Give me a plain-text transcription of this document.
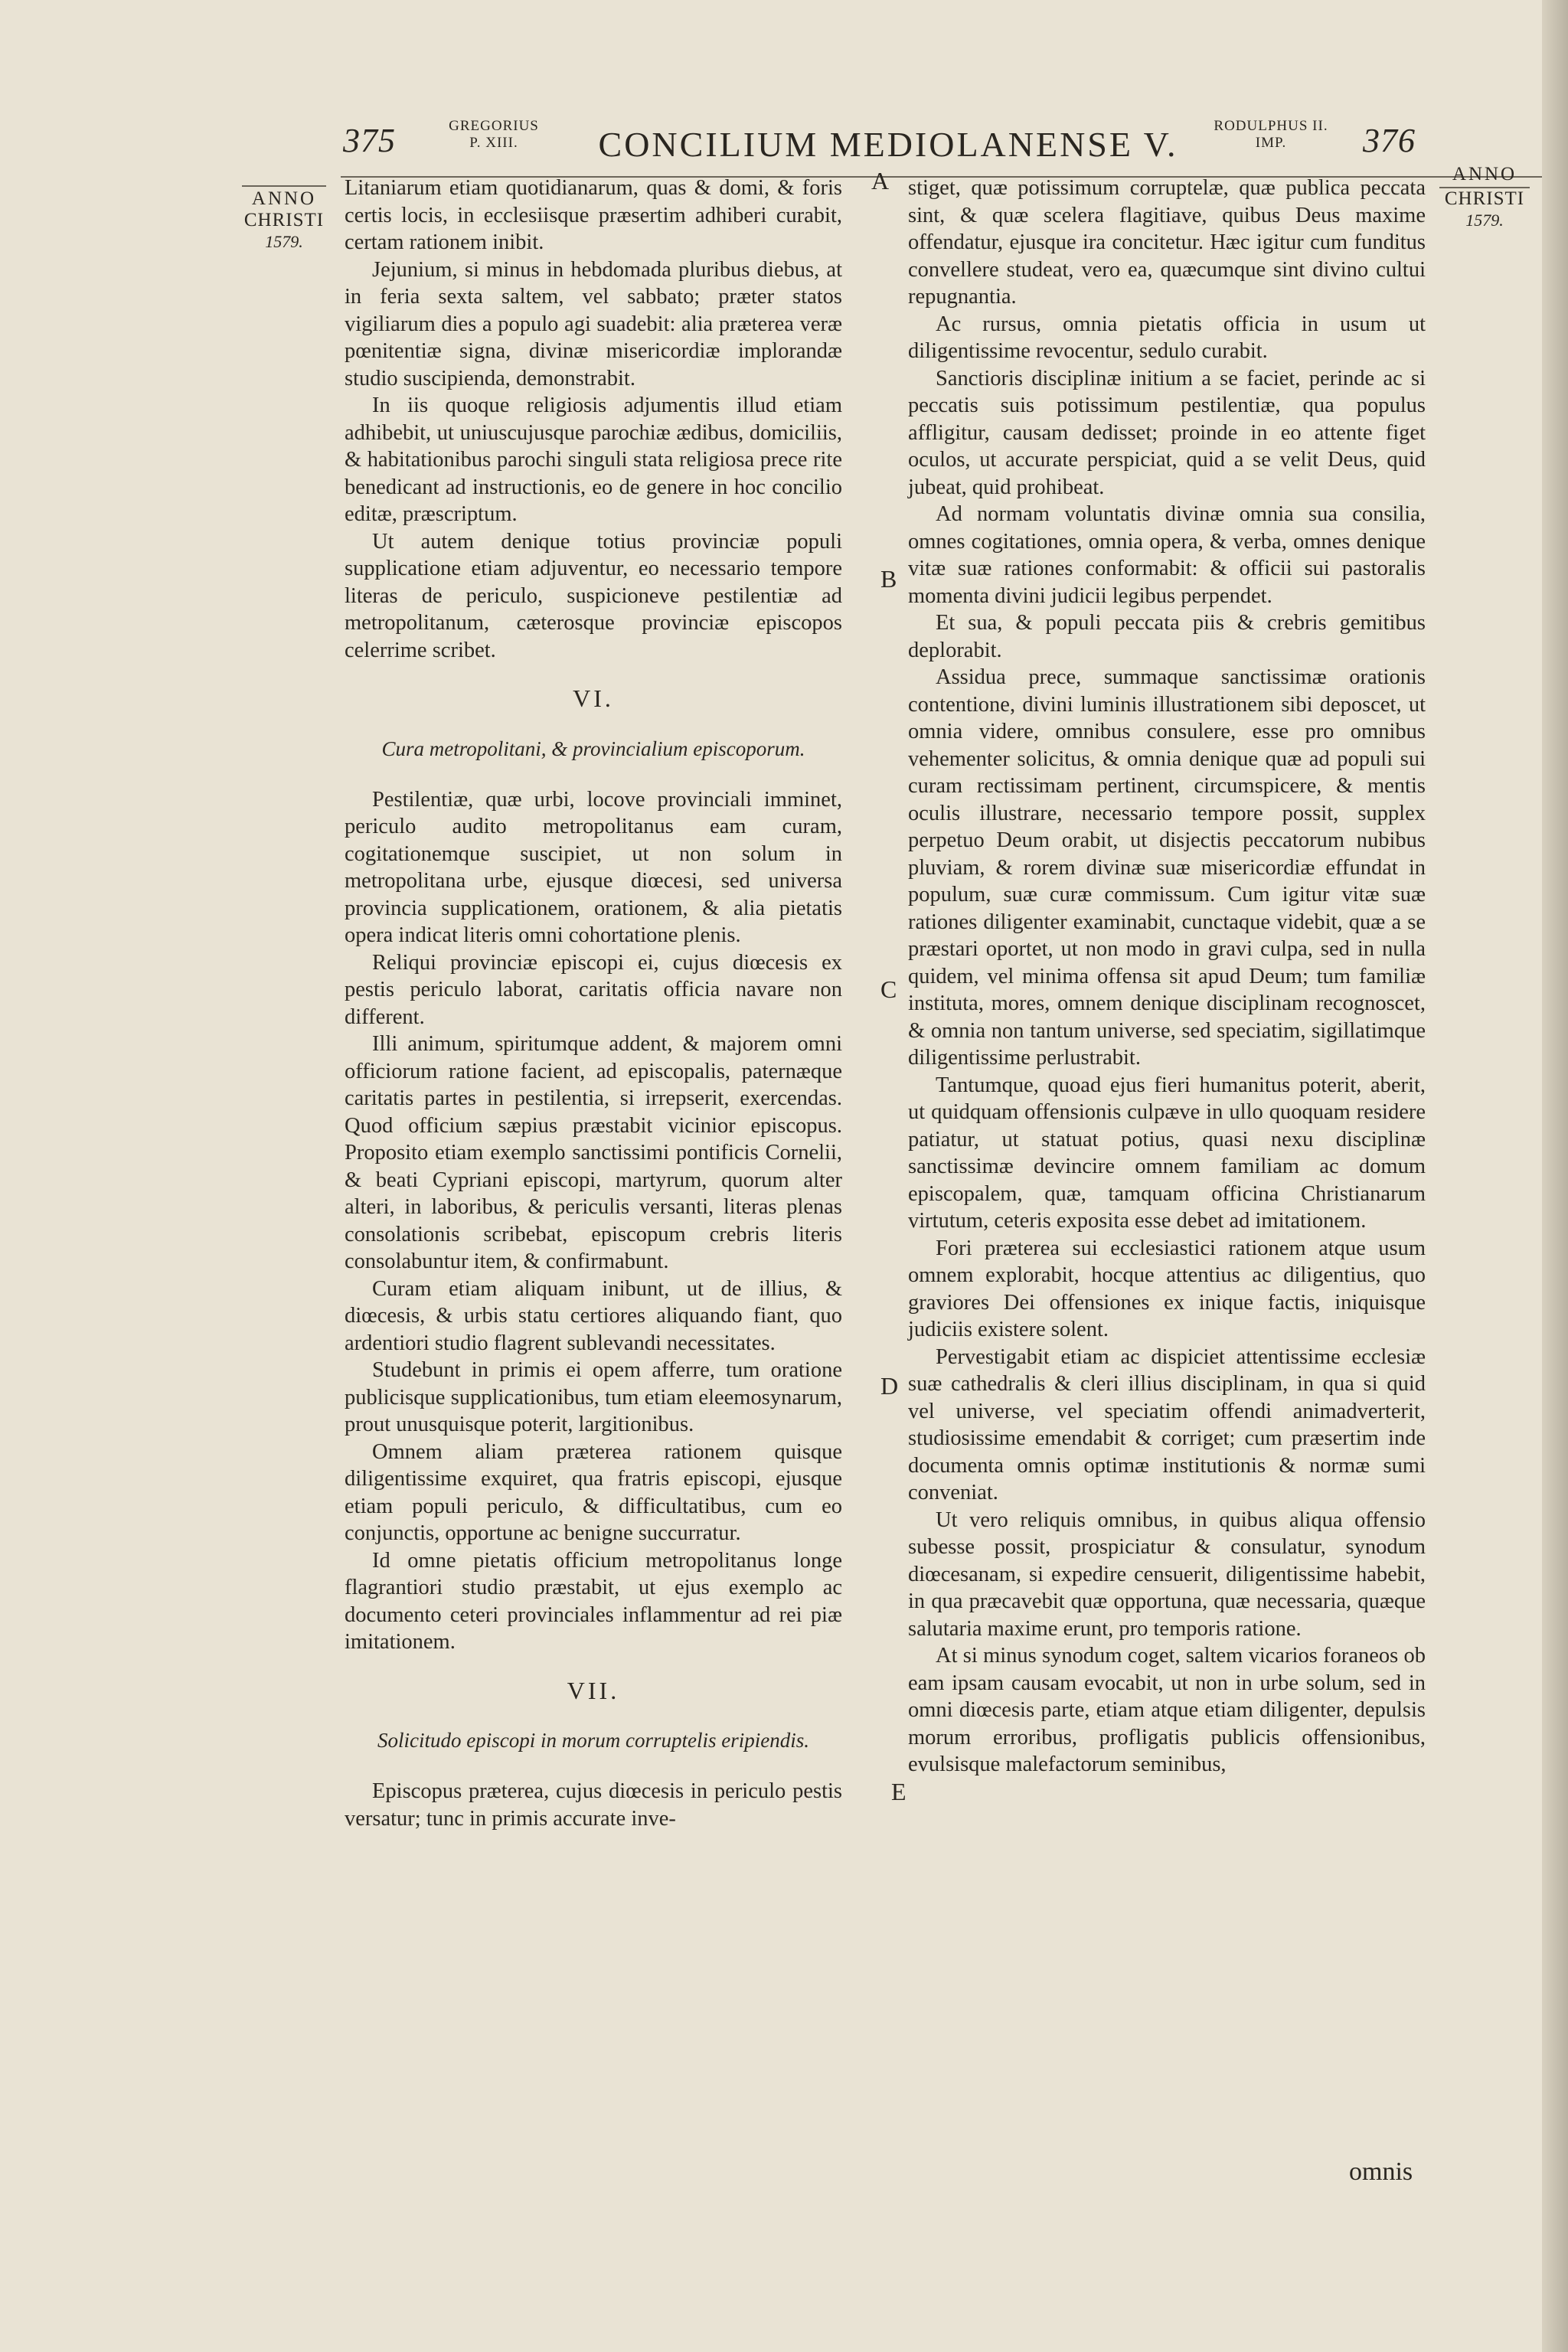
375	GREGORIUS
P. XIII.	CONCILIUM MEDIOLANENSE V.	RODULPHUS II.
IMP.	376
ANNO
CHRISTI
1579.
ANNO
CHRISTI
1579.
A
B
C
D
E

Litaniarum etiam quotidianarum, quas & domi, & foris certis locis, in ecclesiisque præsertim adhiberi curabit, certam rationem inibit.

Jejunium, si minus in hebdomada pluribus diebus, at in feria sexta saltem, vel sabbato; præter statos vigiliarum dies a populo agi suadebit: alia præterea veræ pœnitentiæ signa, divinæ misericordiæ implorandæ studio suscipienda, demonstrabit.

In iis quoque religiosis adjumentis illud etiam adhibebit, ut uniuscujusque parochiæ ædibus, domiciliis, & habitationibus parochi singuli stata religiosa prece rite benedicant ad instructionis, eo de genere in hoc concilio editæ, præscriptum.

Ut autem denique totius provinciæ populi supplicatione etiam adjuventur, eo necessario tempore literas de periculo, suspicioneve pestilentiæ ad metropolitanum, cæterosque provinciæ episcopos celerrime scribet.

VI.
Cura metropolitani, & provincialium episcoporum.

Pestilentiæ, quæ urbi, locove provinciali imminet, periculo audito metropolitanus eam curam, cogitationemque suscipiet, ut non solum in metropolitana urbe, ejusque diœcesi, sed universa provincia supplicationem, orationem, & alia pietatis opera indicat literis omni cohortatione plenis.

Reliqui provinciæ episcopi ei, cujus diœcesis ex pestis periculo laborat, caritatis officia navare non different.

Illi animum, spiritumque addent, & majorem omni officiorum ratione facient, ad episcopalis, paternæque caritatis partes in pestilentia, si irrepserit, exercendas. Quod officium sæpius præstabit vicinior episcopus. Proposito etiam exemplo sanctissimi pontificis Cornelii, & beati Cypriani episcopi, martyrum, quorum alter alteri, in laboribus, & periculis versanti, literas plenas consolationis scribebat, episcopum crebris literis consolabuntur item, & confirmabunt.

Curam etiam aliquam inibunt, ut de illius, & diœcesis, & urbis statu certiores aliquando fiant, quo ardentiori studio flagrent sublevandi necessitates.

Studebunt in primis ei opem afferre, tum oratione publicisque supplicationibus, tum etiam eleemosynarum, prout unusquisque poterit, largitionibus.

Omnem aliam præterea rationem quisque diligentissime exquiret, qua fratris episcopi, ejusque etiam populi periculo, & difficultatibus, cum eo conjunctis, opportune ac benigne succurratur.

Id omne pietatis officium metropolitanus longe flagrantiori studio præstabit, ut ejus exemplo ac documento ceteri provinciales inflammentur ad rei piæ imitationem.

VII.
Solicitudo episcopi in morum corruptelis eripiendis.

Episcopus præterea, cujus diœcesis in periculo pestis versatur; tunc in primis accurate inve-

stiget, quæ potissimum corruptelæ, quæ publica peccata sint, & quæ scelera flagitiave, quibus Deus maxime offendatur, ejusque ira concitetur. Hæc igitur cum funditus convellere studeat, vero ea, quæcumque sint divino cultui repugnantia.

Ac rursus, omnia pietatis officia in usum ut diligentissime revocentur, sedulo curabit.

Sanctioris disciplinæ initium a se faciet, perinde ac si peccatis suis potissimum pestilentiæ, qua populus affligitur, causam dedisset; proinde in eo attente figet oculos, ut accurate perspiciat, quid a se velit Deus, quid jubeat, quid prohibeat.

Ad normam voluntatis divinæ omnia sua consilia, omnes cogitationes, omnia opera, & verba, omnes denique vitæ suæ rationes conformabit: & officii sui pastoralis momenta divini judicii legibus perpendet.

Et sua, & populi peccata piis & crebris gemitibus deplorabit.

Assidua prece, summaque sanctissimæ orationis contentione, divini luminis illustrationem sibi deposcet, ut omnia videre, omnibus consulere, esse pro omnibus vehementer solicitus, & omnia denique quæ ad populi sui curam rectissimam pertinent, circumspicere, & mentis oculis illustrare, necessario tempore possit, supplex perpetuo Deum orabit, ut disjectis peccatorum nubibus pluviam, & rorem divinæ suæ misericordiæ effundat in populum, suæ curæ commissum. Cum igitur vitæ suæ rationes diligenter examinabit, cunctaque videbit, quæ a se præstari oportet, ut non modo in gravi culpa, sed in nulla quidem, vel minima offensa sit apud Deum; tum familiæ instituta, mores, omnem denique disciplinam recognoscet, & omnia non tantum universe, sed speciatim, sigillatimque diligentissime perlustrabit.

Tantumque, quoad ejus fieri humanitus poterit, aberit, ut quidquam offensionis culpæve in ullo quoquam residere patiatur, ut statuat potius, quasi nexu disciplinæ sanctissimæ devincire omnem familiam ac domum episcopalem, quæ, tamquam officina Christianarum virtutum, ceteris exposita esse debet ad imitationem.

Fori præterea sui ecclesiastici rationem atque usum omnem explorabit, hocque attentius ac diligentius, quo graviores Dei offensiones ex inique factis, iniquisque judiciis existere solent.

Pervestigabit etiam ac dispiciet attentissime ecclesiæ suæ cathedralis & cleri illius disciplinam, in qua si quid vel universe, vel speciatim offendi animadverterit, studiosissime emendabit & corriget; cum præsertim inde documenta omnis optimæ institutionis & normæ sumi conveniat.

Ut vero reliquis omnibus, in quibus aliqua offensio subesse possit, prospiciatur & consulatur, synodum diœcesanam, si expedire censuerit, diligentissime habebit, in qua præcavebit quæ opportuna, quæ necessaria, quæque salutaria maxime erunt, pro temporis ratione.

At si minus synodum coget, saltem vicarios foraneos ob eam ipsam causam evocabit, ut non in urbe solum, sed in omni diœcesis parte, etiam atque etiam diligenter, depulsis morum erroribus, profligatis publicis offensionibus, evulsisque malefactorum seminibus,

omnis
